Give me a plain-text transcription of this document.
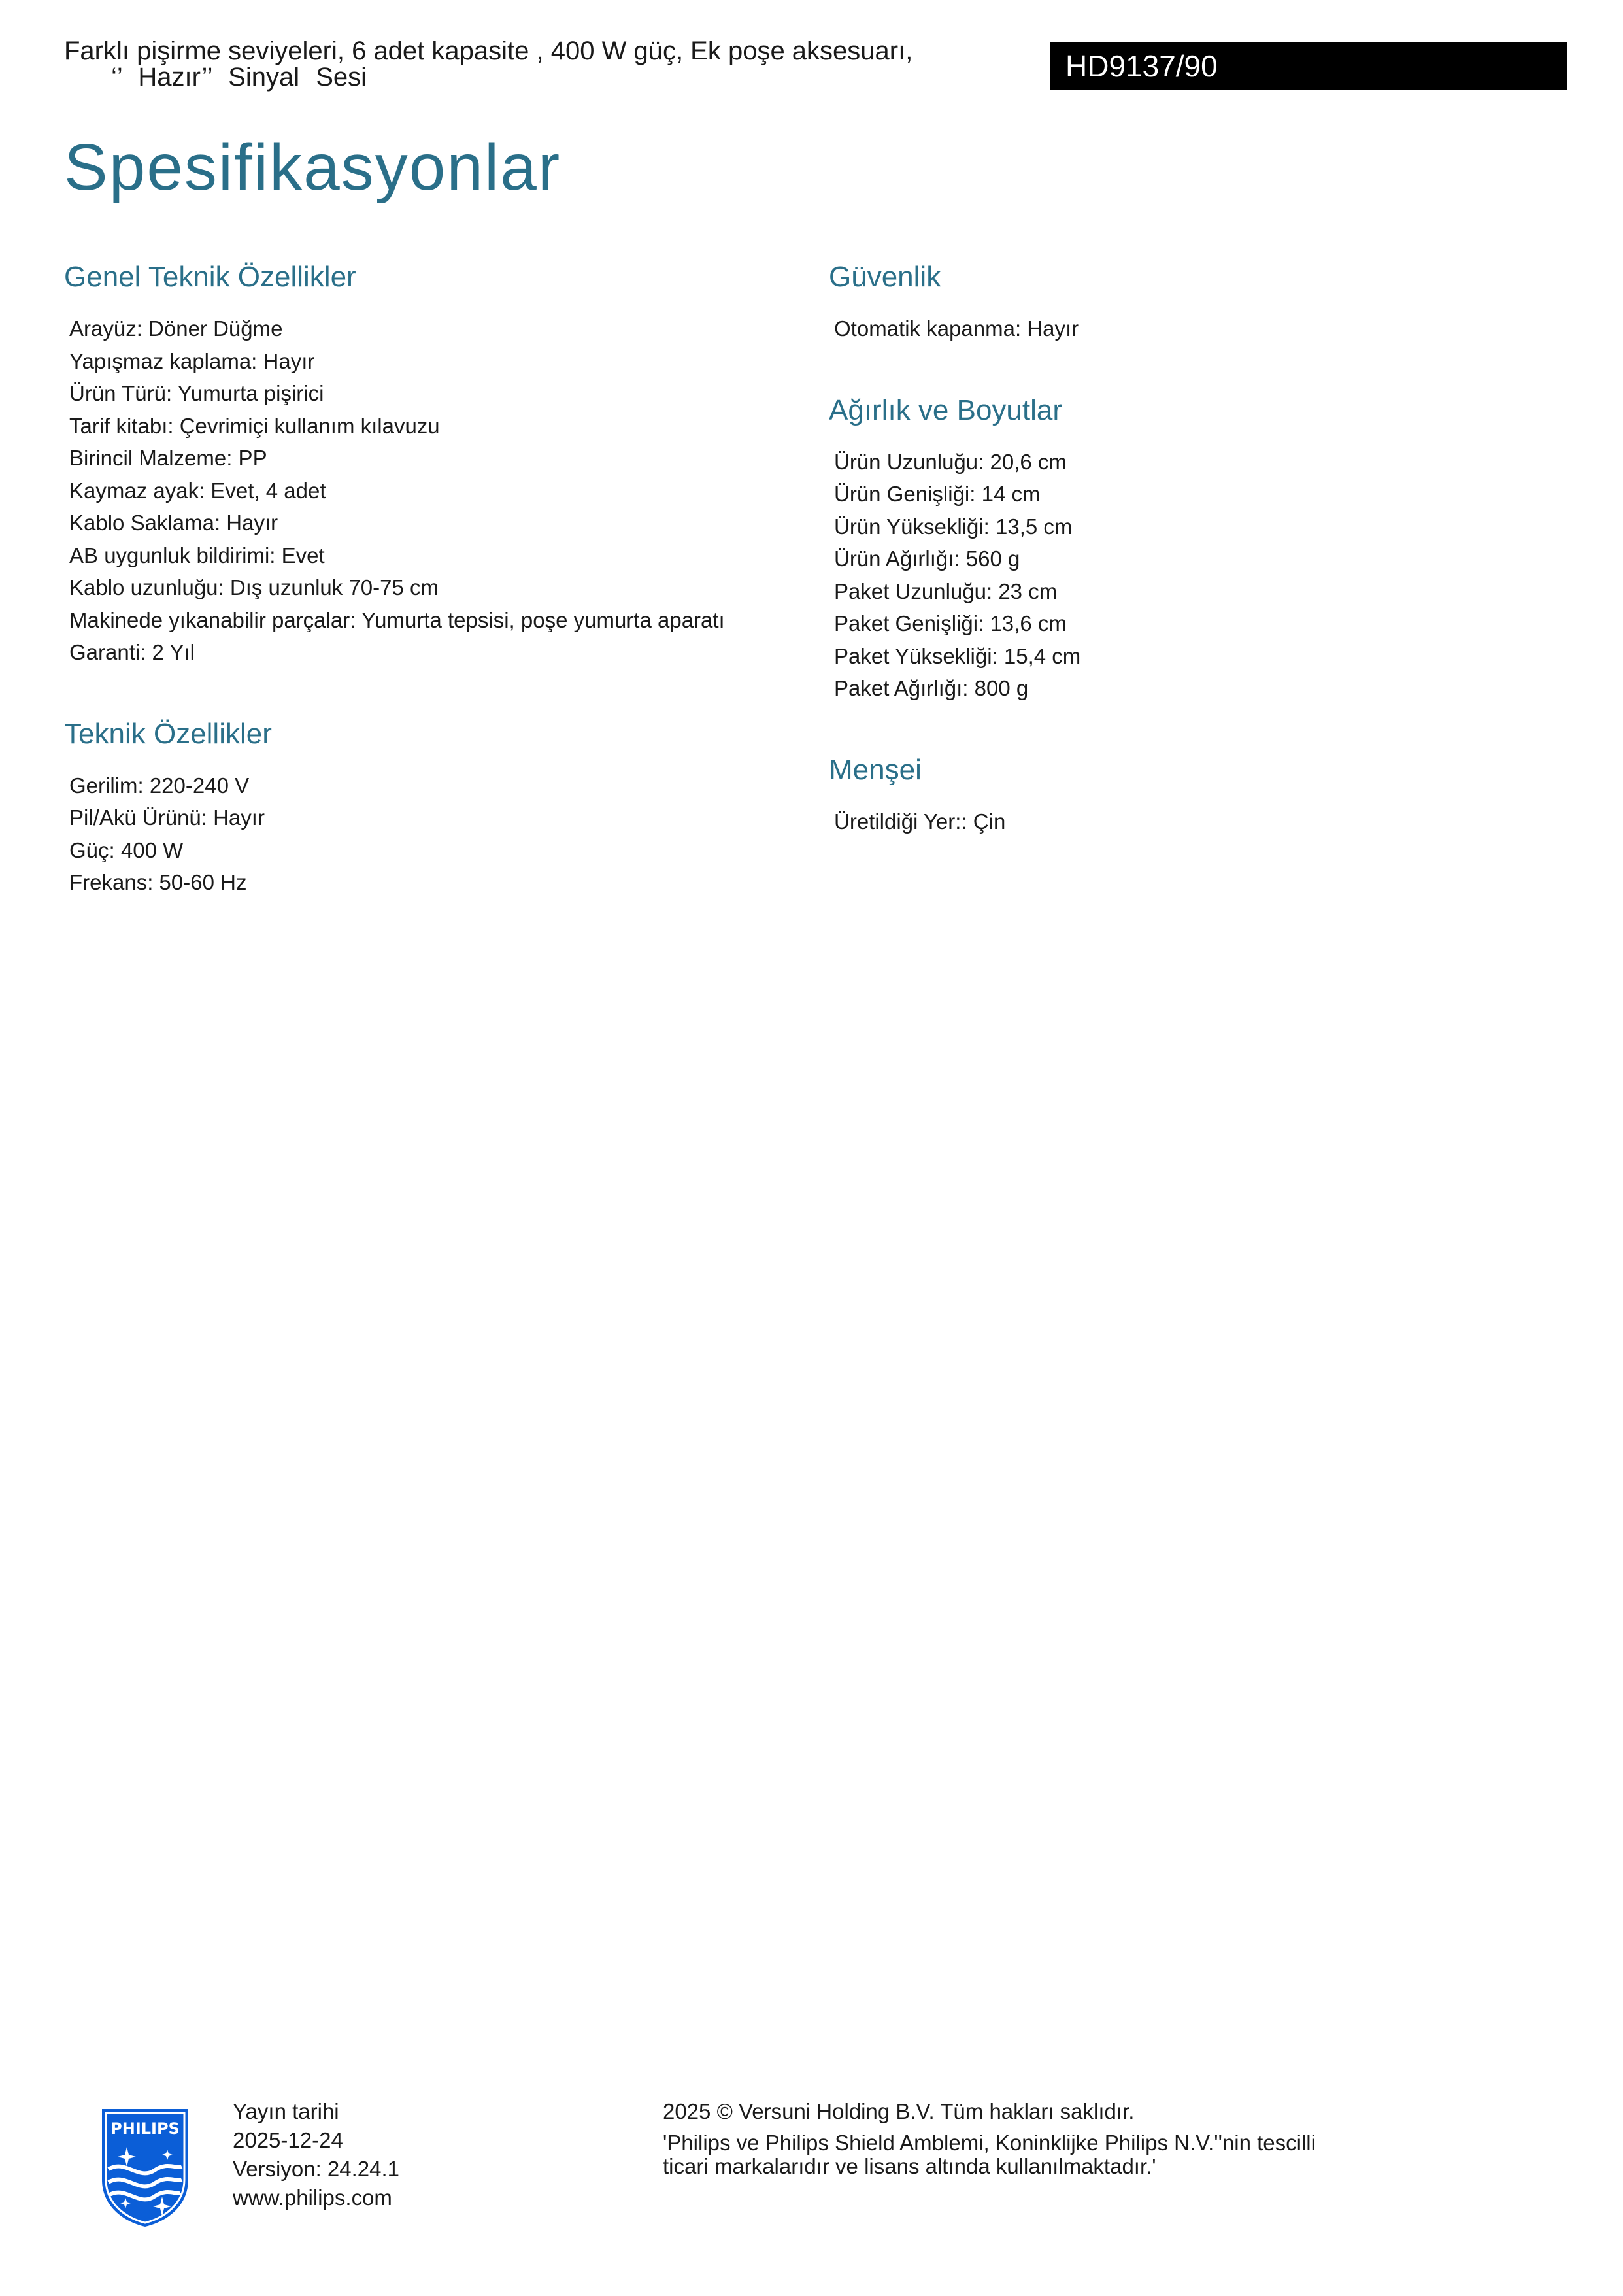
Farklı pişirme seviyeleri, 6 adet kapasite , 400 W güç, Ek poşe aksesuarı,
‘’ Hazır’’ Sinyal Sesi	HD9137/90
Spesifikasyonlar
Genel Teknik Özellikler
Arayüz: Döner Düğme
Yapışmaz kaplama: Hayır
Ürün Türü: Yumurta pişirici
Tarif kitabı: Çevrimiçi kullanım kılavuzu
Birincil Malzeme: PP
Kaymaz ayak: Evet, 4 adet
Kablo Saklama: Hayır
AB uygunluk bildirimi: Evet
Kablo uzunluğu: Dış uzunluk 70-75 cm
Makinede yıkanabilir parçalar: Yumurta tepsisi, poşe yumurta aparatı
Garanti: 2 Yıl
Teknik Özellikler
Gerilim: 220-240 V
Pil/Akü Ürünü: Hayır
Güç: 400 W
Frekans: 50-60 Hz
Güvenlik
Otomatik kapanma: Hayır
Ağırlık ve Boyutlar
Ürün Uzunluğu: 20,6 cm
Ürün Genişliği: 14 cm
Ürün Yüksekliği: 13,5 cm
Ürün Ağırlığı: 560 g
Paket Uzunluğu: 23 cm
Paket Genişliği: 13,6 cm
Paket Yüksekliği: 15,4 cm
Paket Ağırlığı: 800 g
Menşei
Üretildiği Yer:: Çin
PHILIPS
Yayın tarihi
2025-12-24
Versiyon: 24.24.1
www.philips.com
2025 © Versuni Holding B.V. Tüm hakları saklıdır.
'Philips ve Philips Shield Amblemi, Koninklijke Philips N.V.''nin tescilli
ticari markalarıdır ve lisans altında kullanılmaktadır.'
